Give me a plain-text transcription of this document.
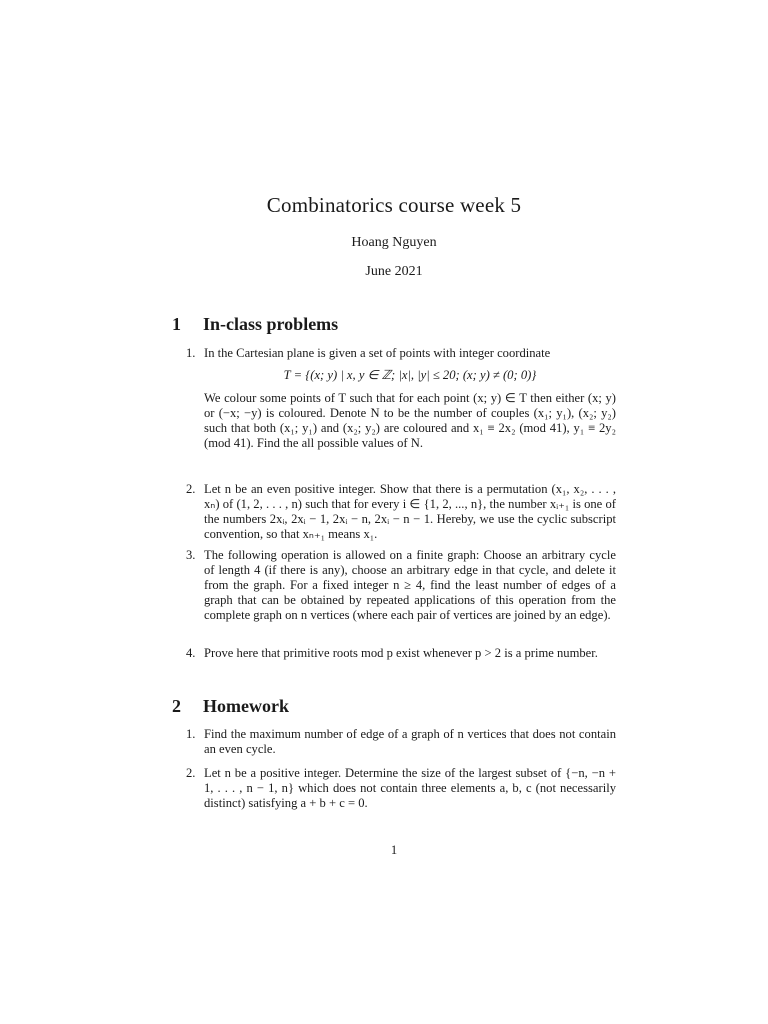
Combinatorics course week 5
Hoang Nguyen
June 2021
1 In-class problems
1. In the Cartesian plane is given a set of points with integer coordinate

T = {(x; y) | x, y ∈ ℤ; |x|, |y| ≤ 20; (x; y) ≠ (0; 0)}

We colour some points of T such that for each point (x; y) ∈ T then either (x; y) or (−x; −y) is coloured. Denote N to be the number of couples (x₁; y₁), (x₂; y₂) such that both (x₁; y₁) and (x₂; y₂) are coloured and x₁ ≡ 2x₂ (mod 41), y₁ ≡ 2y₂ (mod 41). Find the all possible values of N.

2. Let n be an even positive integer. Show that there is a permutation (x₁, x₂, . . . , xₙ) of (1, 2, . . . , n) such that for every i ∈ {1, 2, ..., n}, the number xᵢ₊₁ is one of the numbers 2xᵢ, 2xᵢ − 1, 2xᵢ − n, 2xᵢ − n − 1. Hereby, we use the cyclic subscript convention, so that xₙ₊₁ means x₁.

3. The following operation is allowed on a finite graph: Choose an arbitrary cycle of length 4 (if there is any), choose an arbitrary edge in that cycle, and delete it from the graph. For a fixed integer n ≥ 4, find the least number of edges of a graph that can be obtained by repeated applications of this operation from the complete graph on n vertices (where each pair of vertices are joined by an edge).

4. Prove here that primitive roots mod p exist whenever p > 2 is a prime number.

2 Homework
1. Find the maximum number of edge of a graph of n vertices that does not contain an even cycle.

2. Let n be a positive integer. Determine the size of the largest subset of {−n, −n + 1, . . . , n − 1, n} which does not contain three elements a, b, c (not necessarily distinct) satisfying a + b + c = 0.

1
